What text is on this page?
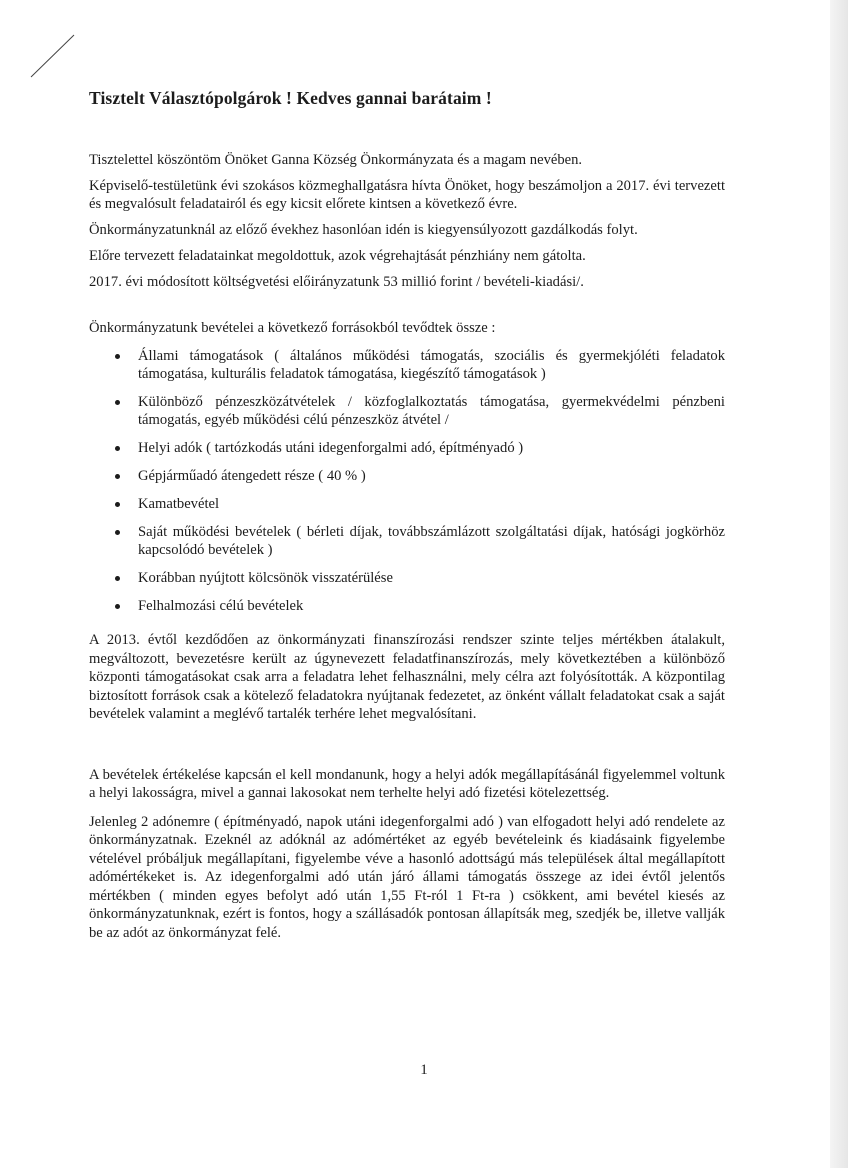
Tisztelt Választópolgárok ! Kedves gannai barátaim !

Tisztelettel köszöntöm Önöket Ganna Község Önkormányzata és a magam nevében.

Képviselő-testületünk évi szokásos közmeghallgatásra hívta Önöket, hogy beszámoljon a 2017. évi tervezett és megvalósult feladatairól és egy kicsit előrete kintsen a következő évre.

Önkormányzatunknál az előző évekhez hasonlóan idén is kiegyensúlyozott gazdálkodás folyt.

Előre tervezett feladatainkat megoldottuk, azok végrehajtását pénzhiány nem gátolta.

2017. évi módosított költségvetési előirányzatunk 53 millió forint / bevételi-kiadási/.

Önkormányzatunk bevételei a következő forrásokból tevődtek össze :

Állami támogatások ( általános működési támogatás, szociális és gyermekjóléti feladatok támogatása, kulturális feladatok támogatása, kiegészítő támogatások )
Különböző pénzeszközátvételek / közfoglalkoztatás támogatása, gyermekvédelmi pénzbeni támogatás, egyéb működési célú pénzeszköz átvétel /
Helyi adók ( tartózkodás utáni idegenforgalmi adó, építményadó )
Gépjárműadó átengedett része ( 40 % )
Kamatbevétel
Saját működési bevételek ( bérleti díjak, továbbszámlázott szolgáltatási díjak, hatósági jogkörhöz kapcsolódó bevételek )
Korábban nyújtott kölcsönök visszatérülése
Felhalmozási célú bevételek

A 2013. évtől kezdődően az önkormányzati finanszírozási rendszer szinte teljes mértékben átalakult, megváltozott, bevezetésre került az úgynevezett feladatfinanszírozás, mely következtében a különböző központi támogatásokat csak arra a feladatra lehet felhasználni, mely célra azt folyósították. A központilag biztosított források csak a kötelező feladatokra nyújtanak fedezetet, az önként vállalt feladatokat csak a saját bevételek valamint a meglévő tartalék terhére lehet megvalósítani.

A bevételek értékelése kapcsán el kell mondanunk, hogy a helyi adók megállapításánál figyelemmel voltunk a helyi lakosságra, mivel a gannai lakosokat nem terhelte helyi adó fizetési kötelezettség.

Jelenleg 2 adónemre ( építményadó, napok utáni idegenforgalmi adó ) van elfogadott helyi adó rendelete az önkormányzatnak. Ezeknél az adóknál az adómértéket az egyéb bevételeink és kiadásaink figyelembe vételével próbáljuk megállapítani, figyelembe véve a hasonló adottságú más települések által megállapított adómértékeket is. Az idegenforgalmi adó után járó állami támogatás összege az idei évtől jelentős mértékben ( minden egyes befolyt adó után 1,55 Ft-ról 1 Ft-ra ) csökkent, ami bevétel kiesés az önkormányzatunknak, ezért is fontos, hogy a szállásadók pontosan állapítsák meg, szedjék be, illetve vallják be az adót az önkormányzat felé.

1
